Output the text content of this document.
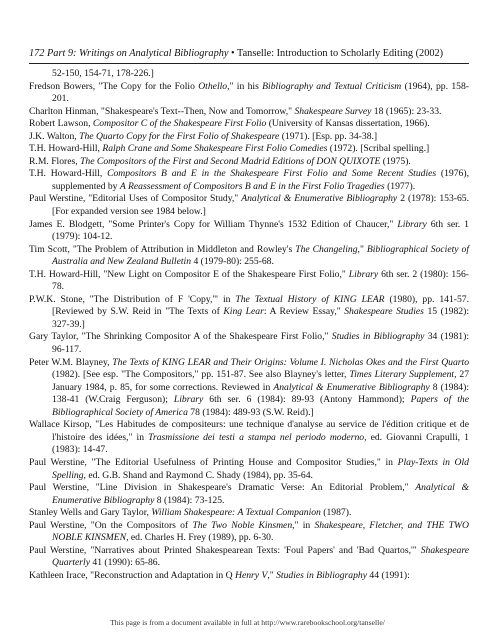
172 Part 9: Writings on Analytical Bibliography • Tanselle: Introduction to Scholarly Editing (2002)

52-150, 154-71, 178-226.]

Fredson Bowers, "The Copy for the Folio Othello," in his Bibliography and Textual Criticism (1964), pp. 158-201.

Charlton Hinman, "Shakespeare's Text--Then, Now and Tomorrow," Shakespeare Survey 18 (1965): 23-33.

Robert Lawson, Compositor C of the Shakespeare First Folio (University of Kansas dissertation, 1966).

J.K. Walton, The Quarto Copy for the First Folio of Shakespeare (1971). [Esp. pp. 34-38.]

T.H. Howard-Hill, Ralph Crane and Some Shakespeare First Folio Comedies (1972). [Scribal spelling.]

R.M. Flores, The Compositors of the First and Second Madrid Editions of DON QUIXOTE (1975).

T.H. Howard-Hill, Compositors B and E in the Shakespeare First Folio and Some Recent Studies (1976), supplemented by A Reassessment of Compositors B and E in the First Folio Tragedies (1977).

Paul Werstine, "Editorial Uses of Compositor Study," Analytical & Enumerative Bibliography 2 (1978): 153-65. [For expanded version see 1984 below.]

James E. Blodgett, "Some Printer's Copy for William Thynne's 1532 Edition of Chaucer," Library 6th ser. 1 (1979): 104-12.

Tim Scott, "The Problem of Attribution in Middleton and Rowley's The Changeling," Bibliographical Society of Australia and New Zealand Bulletin 4 (1979-80): 255-68.

T.H. Howard-Hill, "New Light on Compositor E of the Shakespeare First Folio," Library 6th ser. 2 (1980): 156-78.

P.W.K. Stone, "The Distribution of F 'Copy,'" in The Textual History of KING LEAR (1980), pp. 141-57. [Reviewed by S.W. Reid in "The Texts of King Lear: A Review Essay," Shakespeare Studies 15 (1982): 327-39.]

Gary Taylor, "The Shrinking Compositor A of the Shakespeare First Folio," Studies in Bibliography 34 (1981): 96-117.

Peter W.M. Blayney, The Texts of KING LEAR and Their Origins: Volume I. Nicholas Okes and the First Quarto (1982). [See esp. "The Compositors," pp. 151-87. See also Blayney's letter, Times Literary Supplement, 27 January 1984, p. 85, for some corrections. Reviewed in Analytical & Enumerative Bibliography 8 (1984): 138-41 (W.Craig Ferguson); Library 6th ser. 6 (1984): 89-93 (Antony Hammond); Papers of the Bibliographical Society of America 78 (1984): 489-93 (S.W. Reid).]

Wallace Kirsop, "Les Habitudes de compositeurs: une technique d'analyse au service de l'édition critique et de l'histoire des idées," in Trasmissione dei testi a stampa nel periodo moderno, ed. Giovanni Crapulli, 1 (1983): 14-47.

Paul Werstine, "The Editorial Usefulness of Printing House and Compositor Studies," in Play-Texts in Old Spelling, ed. G.B. Shand and Raymond C. Shady (1984), pp. 35-64.

Paul Werstine, "Line Division in Shakespeare's Dramatic Verse: An Editorial Problem," Analytical & Enumerative Bibliography 8 (1984): 73-125.

Stanley Wells and Gary Taylor, William Shakespeare: A Textual Companion (1987).

Paul Werstine, "On the Compositors of The Two Noble Kinsmen," in Shakespeare, Fletcher, and THE TWO NOBLE KINSMEN, ed. Charles H. Frey (1989), pp. 6-30.

Paul Werstine, "Narratives about Printed Shakespearean Texts: 'Foul Papers' and 'Bad Quartos,'" Shakespeare Quarterly 41 (1990): 65-86.

Kathleen Irace, "Reconstruction and Adaptation in Q Henry V," Studies in Bibliography 44 (1991):

This page is from a document available in full at http://www.rarebookschool.org/tanselle/
